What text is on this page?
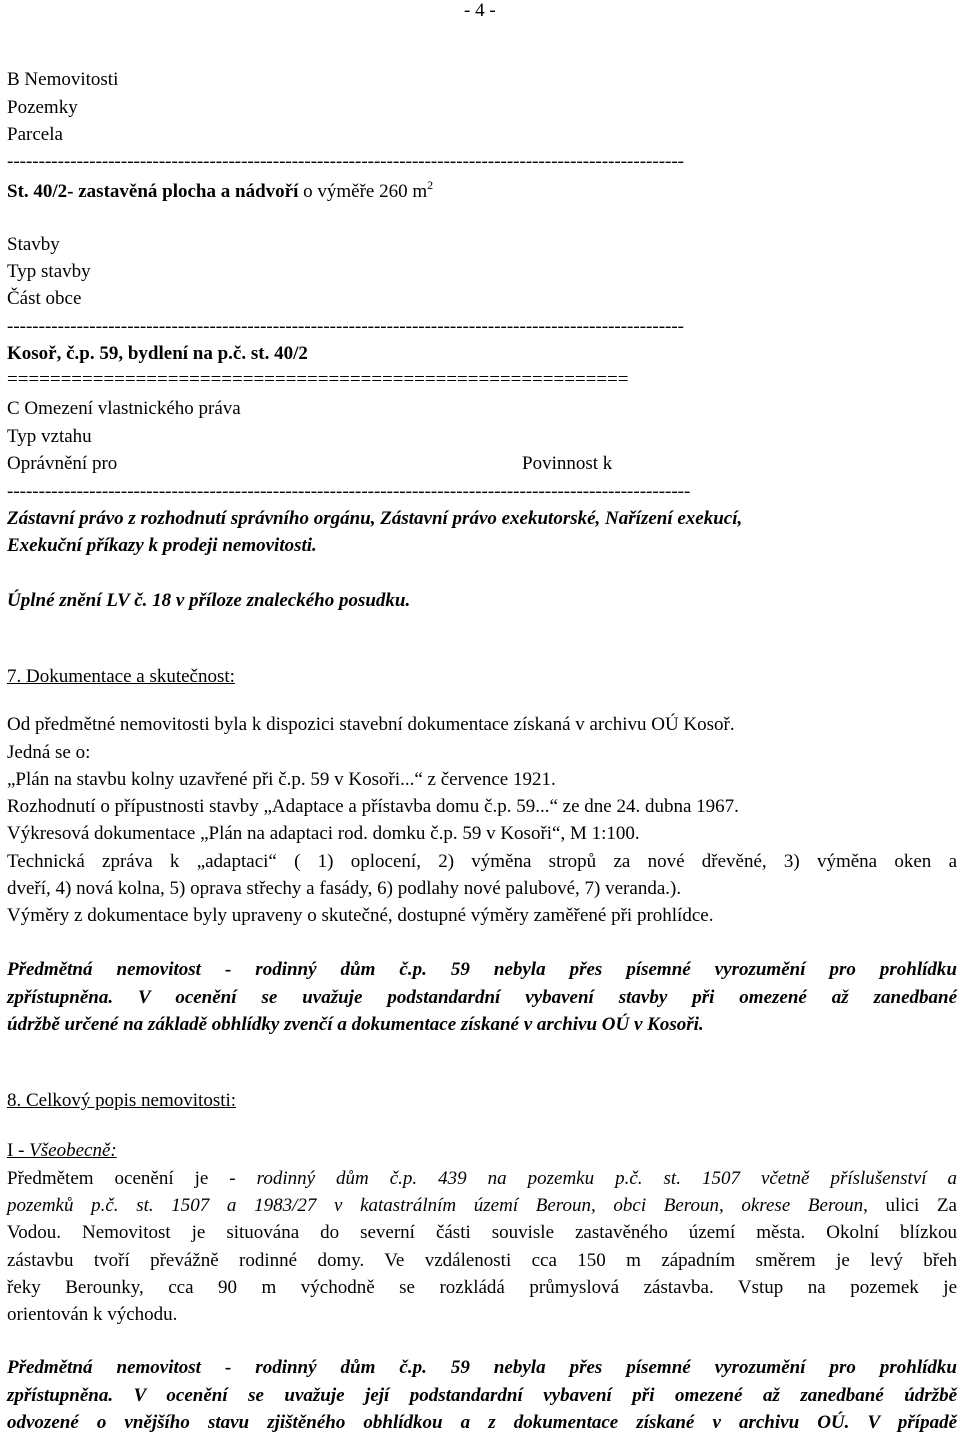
- 4 -
B Nemovitosti
Pozemky
Parcela
-----------------------------------------------------------------------------------------------------------
St. 40/2- zastavěná plocha a nádvoří o výměře 260 $m^2$
Stavby
Typ stavby
Část obce
-----------------------------------------------------------------------------------------------------------
Kosoř, č.p. 59, bydlení na p.č. st. 40/2
==========================================================
C Omezení vlastnického práva
Typ vztahu
Oprávnění pro	Povinnost k
------------------------------------------------------------------------------------------------------------
Zástavní právo z rozhodnutí správního orgánu, Zástavní právo exekutorské, Nařízení exekucí,
Exekuční příkazy k prodeji nemovitosti.
Úplné znění LV č. 18 v příloze znaleckého posudku.
7. Dokumentace a skutečnost:
Od předmětné nemovitosti byla k dispozici stavební dokumentace získaná v archivu OÚ Kosoř.
Jedná se o:
„Plán na stavbu kolny uzavřené při č.p. 59 v Kosoři...“ z července 1921.
Rozhodnutí o přípustnosti stavby „Adaptace a přístavba domu č.p. 59...“ ze dne 24. dubna 1967.
Výkresová dokumentace „Plán na adaptaci rod. domku č.p. 59 v Kosoři“, M 1:100.
Technická zpráva k „adaptaci“ ( 1) oplocení, 2) výměna stropů za nové dřevěné, 3) výměna oken a
dveří, 4) nová kolna, 5) oprava střechy a fasády, 6) podlahy nové palubové, 7) veranda.).
Výměry z dokumentace byly upraveny o skutečné, dostupné výměry zaměřené při prohlídce.
Předmětná nemovitost - rodinný dům č.p. 59 nebyla přes písemné vyrozumění pro prohlídku
zpřístupněna. V ocenění se uvažuje podstandardní vybavení stavby při omezené až zanedbané
údržbě určené na základě obhlídky zvenčí a dokumentace získané v archivu OÚ v Kosoři.
8. Celkový popis nemovitosti:
I - Všeobecně:
Předmětem ocenění je - rodinný dům č.p. 439 na pozemku p.č. st. 1507 včetně příslušenství a
pozemků p.č. st. 1507 a 1983/27 v katastrálním území Beroun, obci Beroun, okrese Beroun, ulici Za
Vodou. Nemovitost je situována do severní části souvisle zastavěného území města. Okolní blízkou
zástavbu tvoří převážně rodinné domy. Ve vzdálenosti cca 150 m západním směrem je levý břeh
řeky Berounky, cca 90 m východně se rozkládá průmyslová zástavba. Vstup na pozemek je
orientován k východu.
Předmětná nemovitost - rodinný dům č.p. 59 nebyla přes písemné vyrozumění pro prohlídku
zpřístupněna. V ocenění se uvažuje její podstandardní vybavení při omezené až zanedbané údržbě
odvozené o vnějšího stavu zjištěného obhlídkou a z dokumentace získané v archivu OÚ. V případě
